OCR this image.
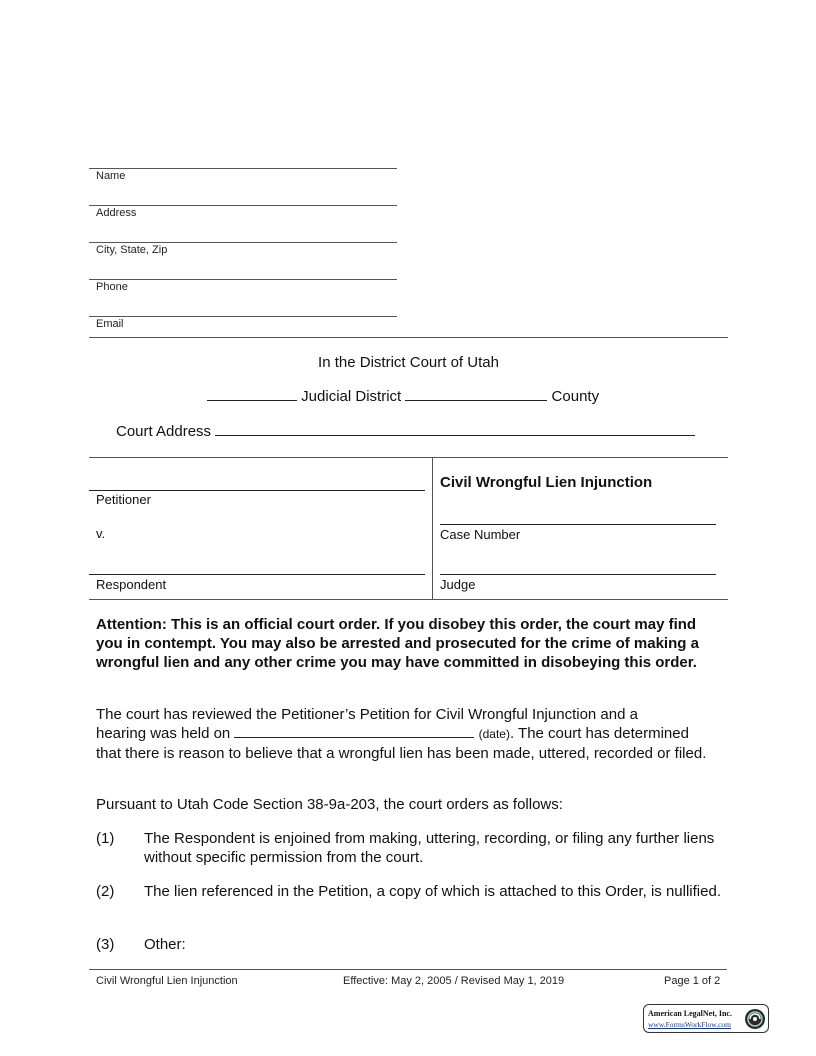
Name
Address
City, State, Zip
Phone
Email
In the District Court of Utah
Judicial District	County
Court Address
Petitioner
v.
Respondent
Civil Wrongful Lien Injunction
Case Number
Judge
Attention: This is an official court order. If you disobey this order, the court may find you in contempt. You may also be arrested and prosecuted for the crime of making a wrongful lien and any other crime you may have committed in disobeying this order.
The court has reviewed the Petitioner’s Petition for Civil Wrongful Injunction and a
hearing was held on	(date). The court has determined
that there is reason to believe that a wrongful lien has been made, uttered, recorded or filed.
Pursuant to Utah Code Section 38-9a-203, the court orders as follows:
(1) The Respondent is enjoined from making, uttering, recording, or filing any further liens without specific permission from the court.
(2) The lien referenced in the Petition, a copy of which is attached to this Order, is nullified.
(3) Other:
Civil Wrongful Lien Injunction	Effective: May 2, 2005 / Revised May 1, 2019	Page 1 of 2
American LegalNet, Inc.
www.FormsWorkFlow.com
